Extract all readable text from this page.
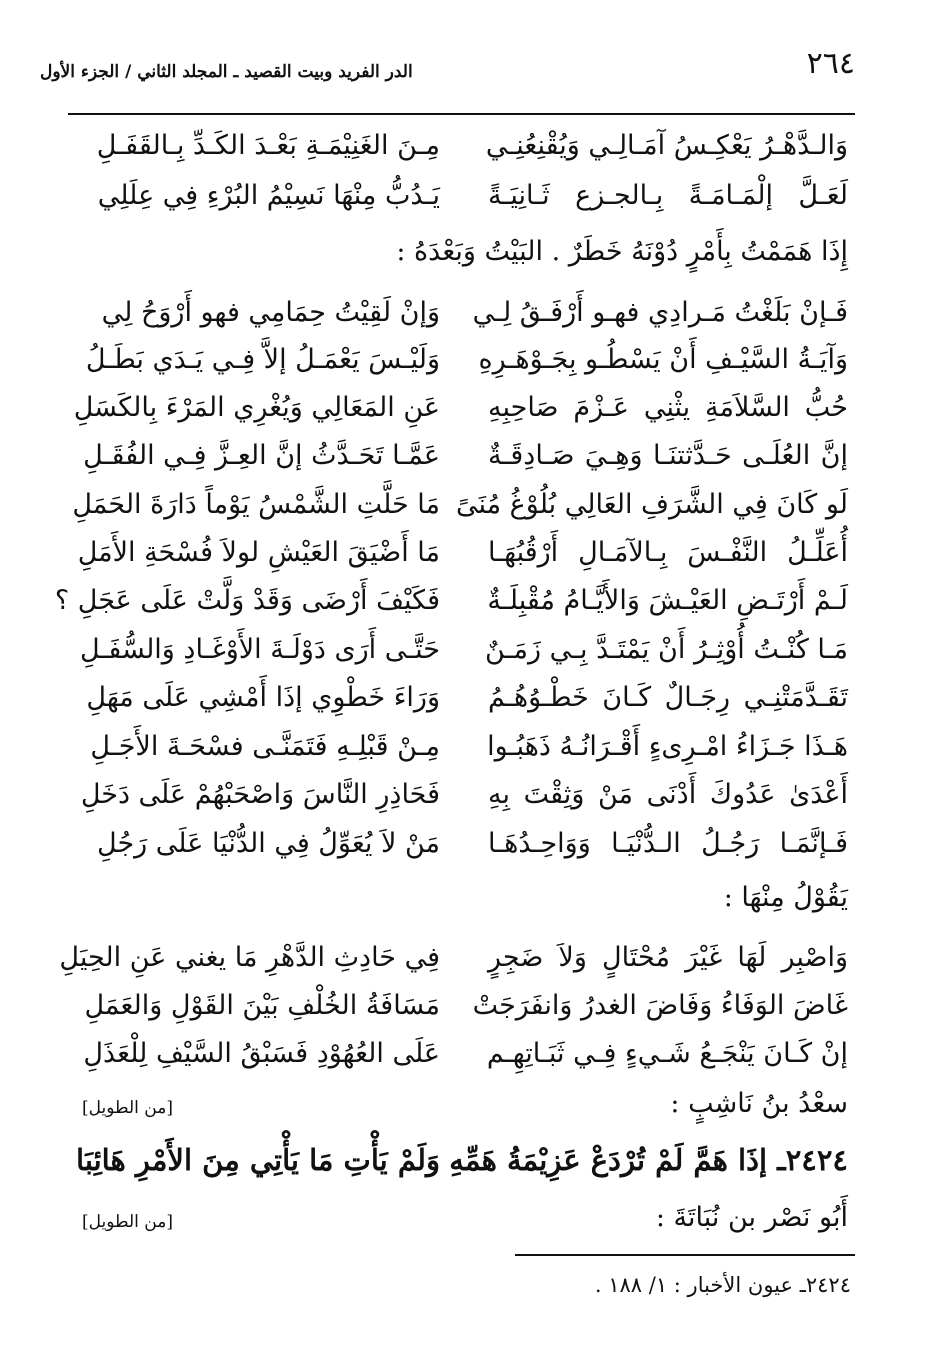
٢٦٤
الدر الفريد وبيت القصيد ـ المجلد الثاني / الجزء الأول
وَالـدَّهْـرُ يَعْكِـسُ آمَـالِـي وَيُقْنِعُنِـي
مِـنَ الغَنِيْمَـةِ بَعْـدَ الكَـدِّ بِـالقَفَـلِ
لَعَـلَّ إلْمَـامَـةً بِـالجـزع ثَـانِيَـةً
يَـدُبُّ مِنْهَا نَسِيْمُ البُرْءِ فِي عِلَلِي
إِذَا هَمَمْتُ بِأَمْرٍ دُوْنَهُ خَطَرٌ . البَيْتُ وَبَعْدَهُ :
فَـإنْ بَلَغْتُ مَـرادِي فهـو أَرْفَـقُ لِـي
وَإنْ لَقِيْتُ حِمَامِي فهو أَرْوَحُ لِي
وَآيَـةُ السَّيْـفِ أَنْ يَسْطُـو بِجَـوْهَـرِهِ
وَلَيْـسَ يَعْمَـلُ إلاَّ فِـي يَـدَي بَطَـلُ
حُبُّ السَّلاَمَةِ يثْنِي عَـزْمَ صَاحِبِهِ
عَنِ المَعَالِي وَيُغْرِي المَرْءَ بِالكَسَلِ
إنَّ العُلَـى حَـدَّثتنَـا وَهِـيَ صَـادِقَـةٌ
عَمَّـا تَحَـدَّثُ إنَّ العِـزَّ فِـي الفُقَـلِ
لَو كَانَ فِي الشَّرَفِ العَالِي بُلُوْغُ مُنَىً
مَا حَلَّتِ الشَّمْسُ يَوْماً دَارَةَ الحَمَلِ
أُعَلِّـلُ النَّفْـسَ بِـالآمَـالِ أَرْقُبُهَـا
مَا أَضْيَقَ العَيْشِ لولاَ فُسْحَةِ الأَمَلِ
لَـمْ أَرْتَـضِ العَيْـشَ وَالأَيَّـامُ مُقْبِلَـةٌ
فَكَيْفَ أَرْضَى وَقَدْ وَلَّتْ عَلَى عَجَلِ ؟
مَـا كُنْـتُ أُوْثِـرُ أَنْ يَمْتَـدَّ بِـي زَمَـنٌ
حَتَّـى أَرَى دَوْلَـةَ الأَوْغَـادِ وَالسُّفَـلِ
تَقَـدَّمَتْنِـي رِجَـالٌ كَـانَ خَطْـوُهُـمُ
وَرَاءَ خَطْوِي إذَا أَمْشِي عَلَى مَهَلِ
هَـذَا جَـزَاءُ امْـرِىءٍ أَقْـرَانُـهُ ذَهَبُـوا
مِـنْ قَبْلِـهِ فَتَمَنَّـى فسْحَـةَ الأَجَـلِ
أَعْدَىٰ عَدُوكَ أَدْنَى مَنْ وَثِقْتَ بِهِ
فَحَاذِرِ النَّاسَ وَاصْحَبْهُمْ عَلَى دَخَلِ
فَـإنَّمَـا رَجُـلُ الـدُّنْيَـا وَوَاحِـدُهَـا
مَنْ لاَ يُعَوِّلُ فِي الدُّنْيَا عَلَى رَجُلِ
يَقُوْلُ مِنْهَا :
وَاصْبِر لَهَا غَيْرَ مُحْتَالٍ وَلاَ ضَجِرٍ
فِي حَادِثِ الدَّهْرِ مَا يغني عَنِ الحِيَلِ
غَاضَ الوَفَاءُ وَفَاضَ الغدرُ وَانفَرَجَتْ
مَسَافَةُ الخُلْفِ بَيْنَ القَوْلِ وَالعَمَلِ
إنْ كَـانَ يَنْجَـعُ شَـيءٍ فِـي ثَبَـاتِهِـم
عَلَى العُهُوْدِ فَسَبْقُ السَّيْفِ لِلْعَذَلِ
سعْدُ بنُ نَاشِبٍ :
[من الطويل]
٢٤٢٤ـ إذَا هَمَّ لَمْ تُرْدَعْ عَزِيْمَةُ هَمِّهِ
وَلَمْ يَأْتِ مَا يَأْتِي مِنَ الأَمْرِ هَائِبَا
أَبُو نَصْر بن نُبَاتَةَ :
[من الطويل]
٢٤٢٤ـ عيون الأخبار : ١/ ١٨٨ .
